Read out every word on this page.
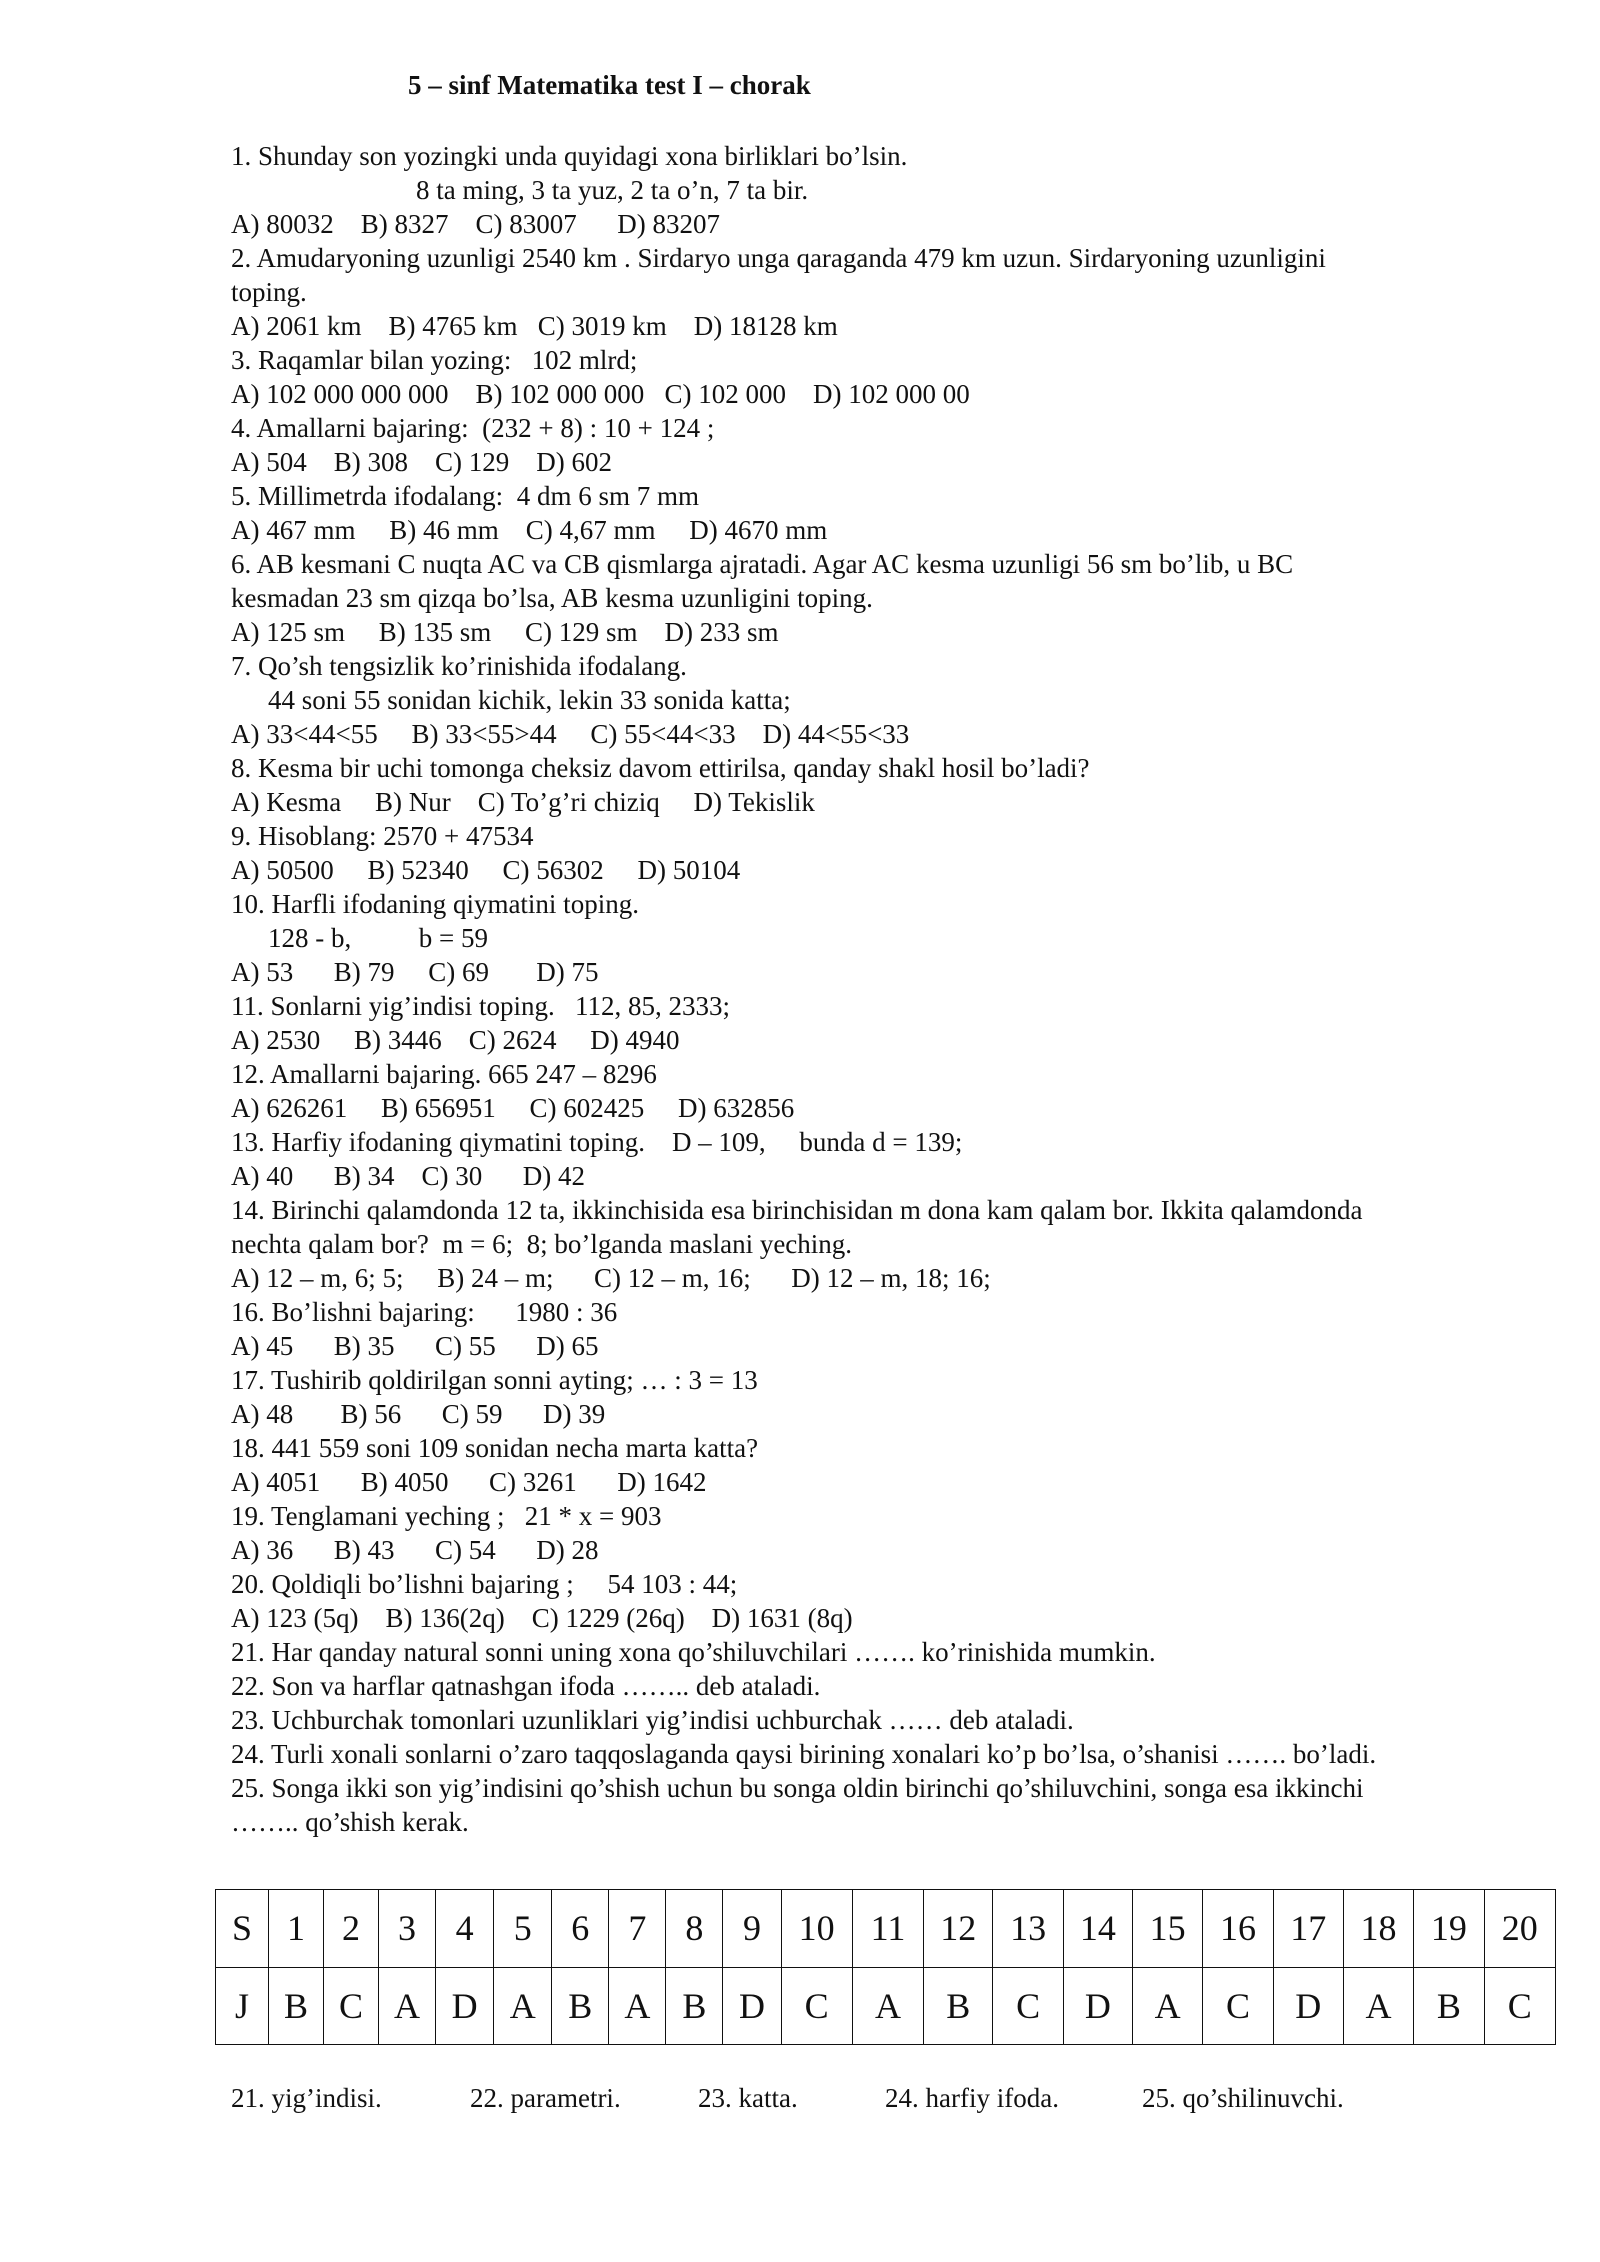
5 – sinf Matematika test I – chorak
1. Shunday son yozingki unda quyidagi xona birliklari bo’lsin.
8 ta ming, 3 ta yuz, 2 ta o’n, 7 ta bir.
A) 80032    B) 8327    C) 83007      D) 83207
2. Amudaryoning uzunligi 2540 km . Sirdaryo unga qaraganda 479 km uzun. Sirdaryoning uzunligini
toping.
A) 2061 km    B) 4765 km   C) 3019 km    D) 18128 km
3. Raqamlar bilan yozing:   102 mlrd;
A) 102 000 000 000    B) 102 000 000   C) 102 000    D) 102 000 00
4. Amallarni bajaring:  (232 + 8) : 10 + 124 ;
A) 504    B) 308    C) 129    D) 602
5. Millimetrda ifodalang:  4 dm 6 sm 7 mm
A) 467 mm     B) 46 mm    C) 4,67 mm     D) 4670 mm
6. AB kesmani C nuqta AC va CB qismlarga ajratadi. Agar AC kesma uzunligi 56 sm bo’lib, u BC
kesmadan 23 sm qizqa bo’lsa, AB kesma uzunligini toping.
A) 125 sm     B) 135 sm     C) 129 sm    D) 233 sm
7. Qo’sh tengsizlik ko’rinishida ifodalang.
44 soni 55 sonidan kichik, lekin 33 sonida katta;
A) 33<44<55     B) 33<55>44     C) 55<44<33    D) 44<55<33
8. Kesma bir uchi tomonga cheksiz davom ettirilsa, qanday shakl hosil bo’ladi?
A) Kesma     B) Nur    C) To’g’ri chiziq     D) Tekislik
9. Hisoblang: 2570 + 47534
A) 50500     B) 52340     C) 56302     D) 50104
10. Harfli ifodaning qiymatini toping.
128 - b,          b = 59
A) 53      B) 79     C) 69       D) 75
11. Sonlarni yig’indisi toping.   112, 85, 2333;
A) 2530     B) 3446    C) 2624     D) 4940
12. Amallarni bajaring. 665 247 – 8296
A) 626261     B) 656951     C) 602425     D) 632856
13. Harfiy ifodaning qiymatini toping.    D – 109,     bunda d = 139;
A) 40      B) 34    C) 30      D) 42
14. Birinchi qalamdonda 12 ta, ikkinchisida esa birinchisidan m dona kam qalam bor. Ikkita qalamdonda
nechta qalam bor?  m = 6;  8; bo’lganda maslani yeching.
A) 12 – m, 6; 5;     B) 24 – m;      C) 12 – m, 16;      D) 12 – m, 18; 16;
16. Bo’lishni bajaring:      1980 : 36
A) 45      B) 35      C) 55      D) 65
17. Tushirib qoldirilgan sonni ayting; … : 3 = 13
A) 48       B) 56      C) 59      D) 39
18. 441 559 soni 109 sonidan necha marta katta?
A) 4051      B) 4050      C) 3261      D) 1642
19. Tenglamani yeching ;   21 * x = 903
A) 36      B) 43      C) 54      D) 28
20. Qoldiqli bo’lishni bajaring ;     54 103 : 44;
A) 123 (5q)    B) 136(2q)    C) 1229 (26q)    D) 1631 (8q)
21. Har qanday natural sonni uning xona qo’shiluvchilari ……. ko’rinishida mumkin.
22. Son va harflar qatnashgan ifoda …….. deb ataladi.
23. Uchburchak tomonlari uzunliklari yig’indisi uchburchak …… deb ataladi.
24. Turli xonali sonlarni o’zaro taqqoslaganda qaysi birining xonalari ko’p bo’lsa, o’shanisi ……. bo’ladi.
25. Songa ikki son yig’indisini qo’shish uchun bu songa oldin birinchi qo’shiluvchini, songa esa ikkinchi
…….. qo’shish kerak.
S	1	2	3	4	5	6	7	8	9	10	11	12	13	14	15	16	17	18	19	20
J	B	C	A	D	A	B	A	B	D	C	A	B	C	D	A	C	D	A	B	C
21. yig’indisi.	22. parametri.	23. katta.	24. harfiy ifoda.	25. qo’shilinuvchi.
